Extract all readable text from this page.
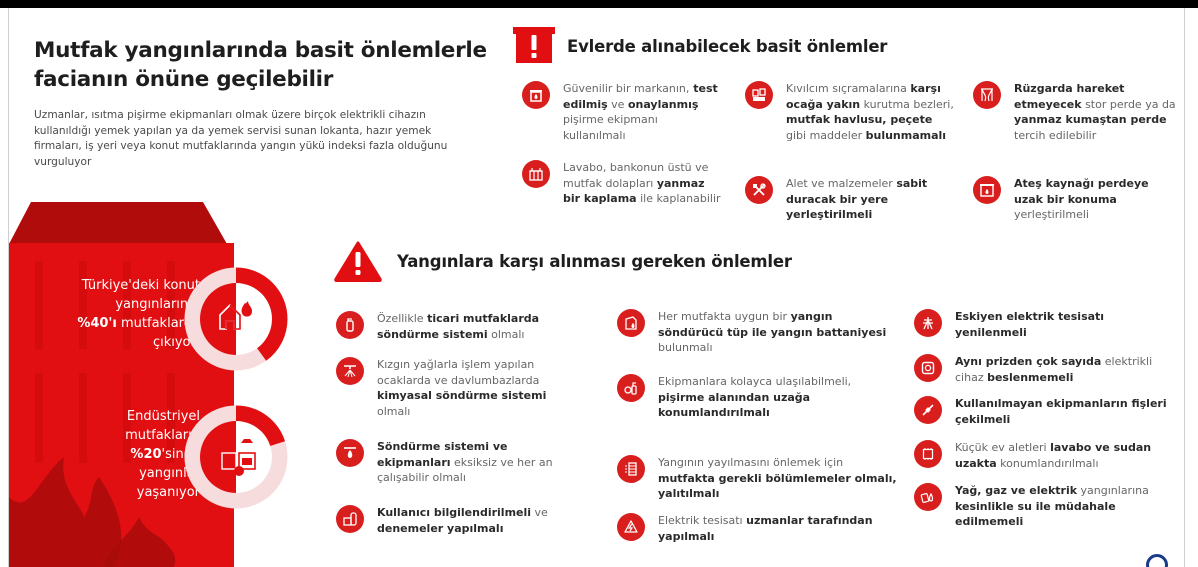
Mutfak yangınlarında basit önlemlerle facianın önüne geçilebilir

Uzmanlar, ısıtma pişirme ekipmanları olmak üzere birçok elektrikli cihazın kullanıldığı yemek yapılan ya da yemek servisi sunan lokanta, hazır yemek firmaları, iş yeri veya konut mutfaklarında yangın yükü indeksi fazla olduğunu vurguluyor

Türkiye'deki konut
yangınlarının
%40'ı mutfaklarda
çıkıyor,
Endüstriyel
mutfakların
%20'sinde
yangınlar
yaşanıyor
Evlerde alınabilecek basit önlemler
Güvenilir bir markanın, test edilmiş ve onaylanmış pişirme ekipmanı kullanılmalı
Kıvılcım sıçramalarına karşı ocağa yakın kurutma bezleri, mutfak havlusu, peçete gibi maddeler bulunmamalı
Rüzgarda hareket etmeyecek stor perde ya da yanmaz kumaştan perde tercih edilebilir
Lavabo, bankonun üstü ve mutfak dolapları yanmaz bir kaplama ile kaplanabilir
Alet ve malzemeler sabit duracak bir yere yerleştirilmeli
Ateş kaynağı perdeye uzak bir konuma yerleştirilmeli
Yangınlara karşı alınması gereken önlemler
Özellikle ticari mutfaklarda söndürme sistemi olmalı
Kızgın yağlarla işlem yapılan ocaklarda ve davlumbazlarda kimyasal söndürme sistemi olmalı
Söndürme sistemi ve ekipmanları eksiksiz ve her an çalışabilir olmalı
Kullanıcı bilgilendirilmeli ve denemeler yapılmalı
Her mutfakta uygun bir yangın söndürücü tüp ile yangın battaniyesi bulunmalı
Ekipmanlara kolayca ulaşılabilmeli, pişirme alanından uzağa konumlandırılmalı
Yangının yayılmasını önlemek için mutfakta gerekli bölümlemeler olmalı, yalıtılmalı
Elektrik tesisatı uzmanlar tarafından yapılmalı
Eskiyen elektrik tesisatı yenilenmeli
Aynı prizden çok sayıda elektrikli cihaz beslenmemeli
Kullanılmayan ekipmanların fişleri çekilmeli
Küçük ev aletleri lavabo ve sudan uzakta konumlandırılmalı
Yağ, gaz ve elektrik yangınlarına kesinlikle su ile müdahale edilmemeli
